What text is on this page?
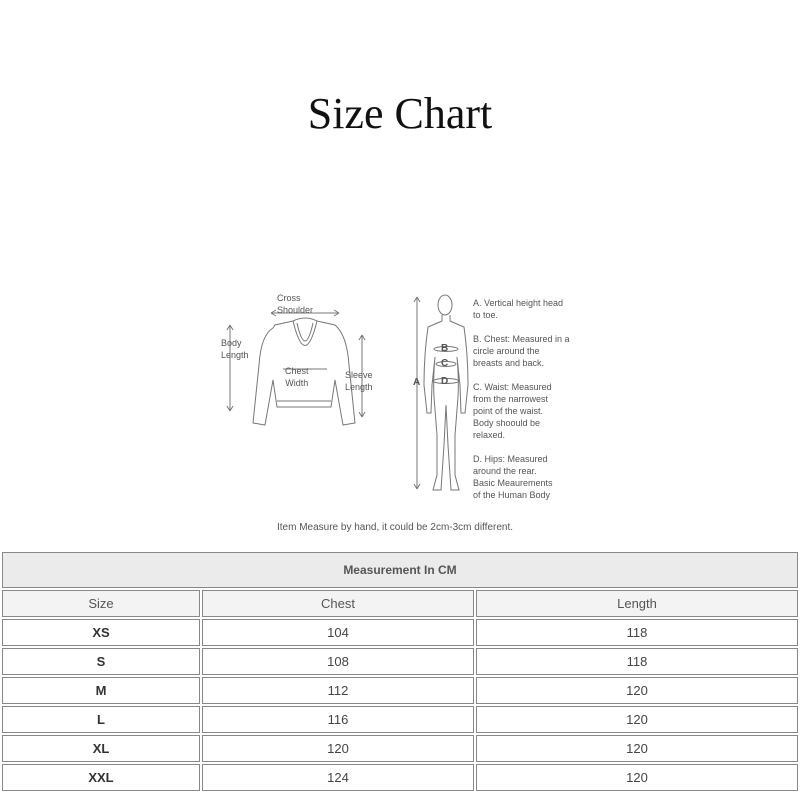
Size Chart
Cross
Shoulder
Body
Length
Chest
Width
Sleeve
Length
B
C
A D
A. Vertical height head
to toe.
B. Chest: Measured in a
circle around the
breasts and back.
C. Waist: Measured
from the narrowest
point of the waist.
Body shoould be
relaxed.
D. Hips: Measured
around the rear.
Basic Meaurements
of the Human Body
Item Measure by hand, it could be 2cm-3cm different.
Measurement In CM		
Size	Chest	Length
XS	104	118
S	108	118
M	112	120
L	116	120
XL	120	120
XXL	124	120
